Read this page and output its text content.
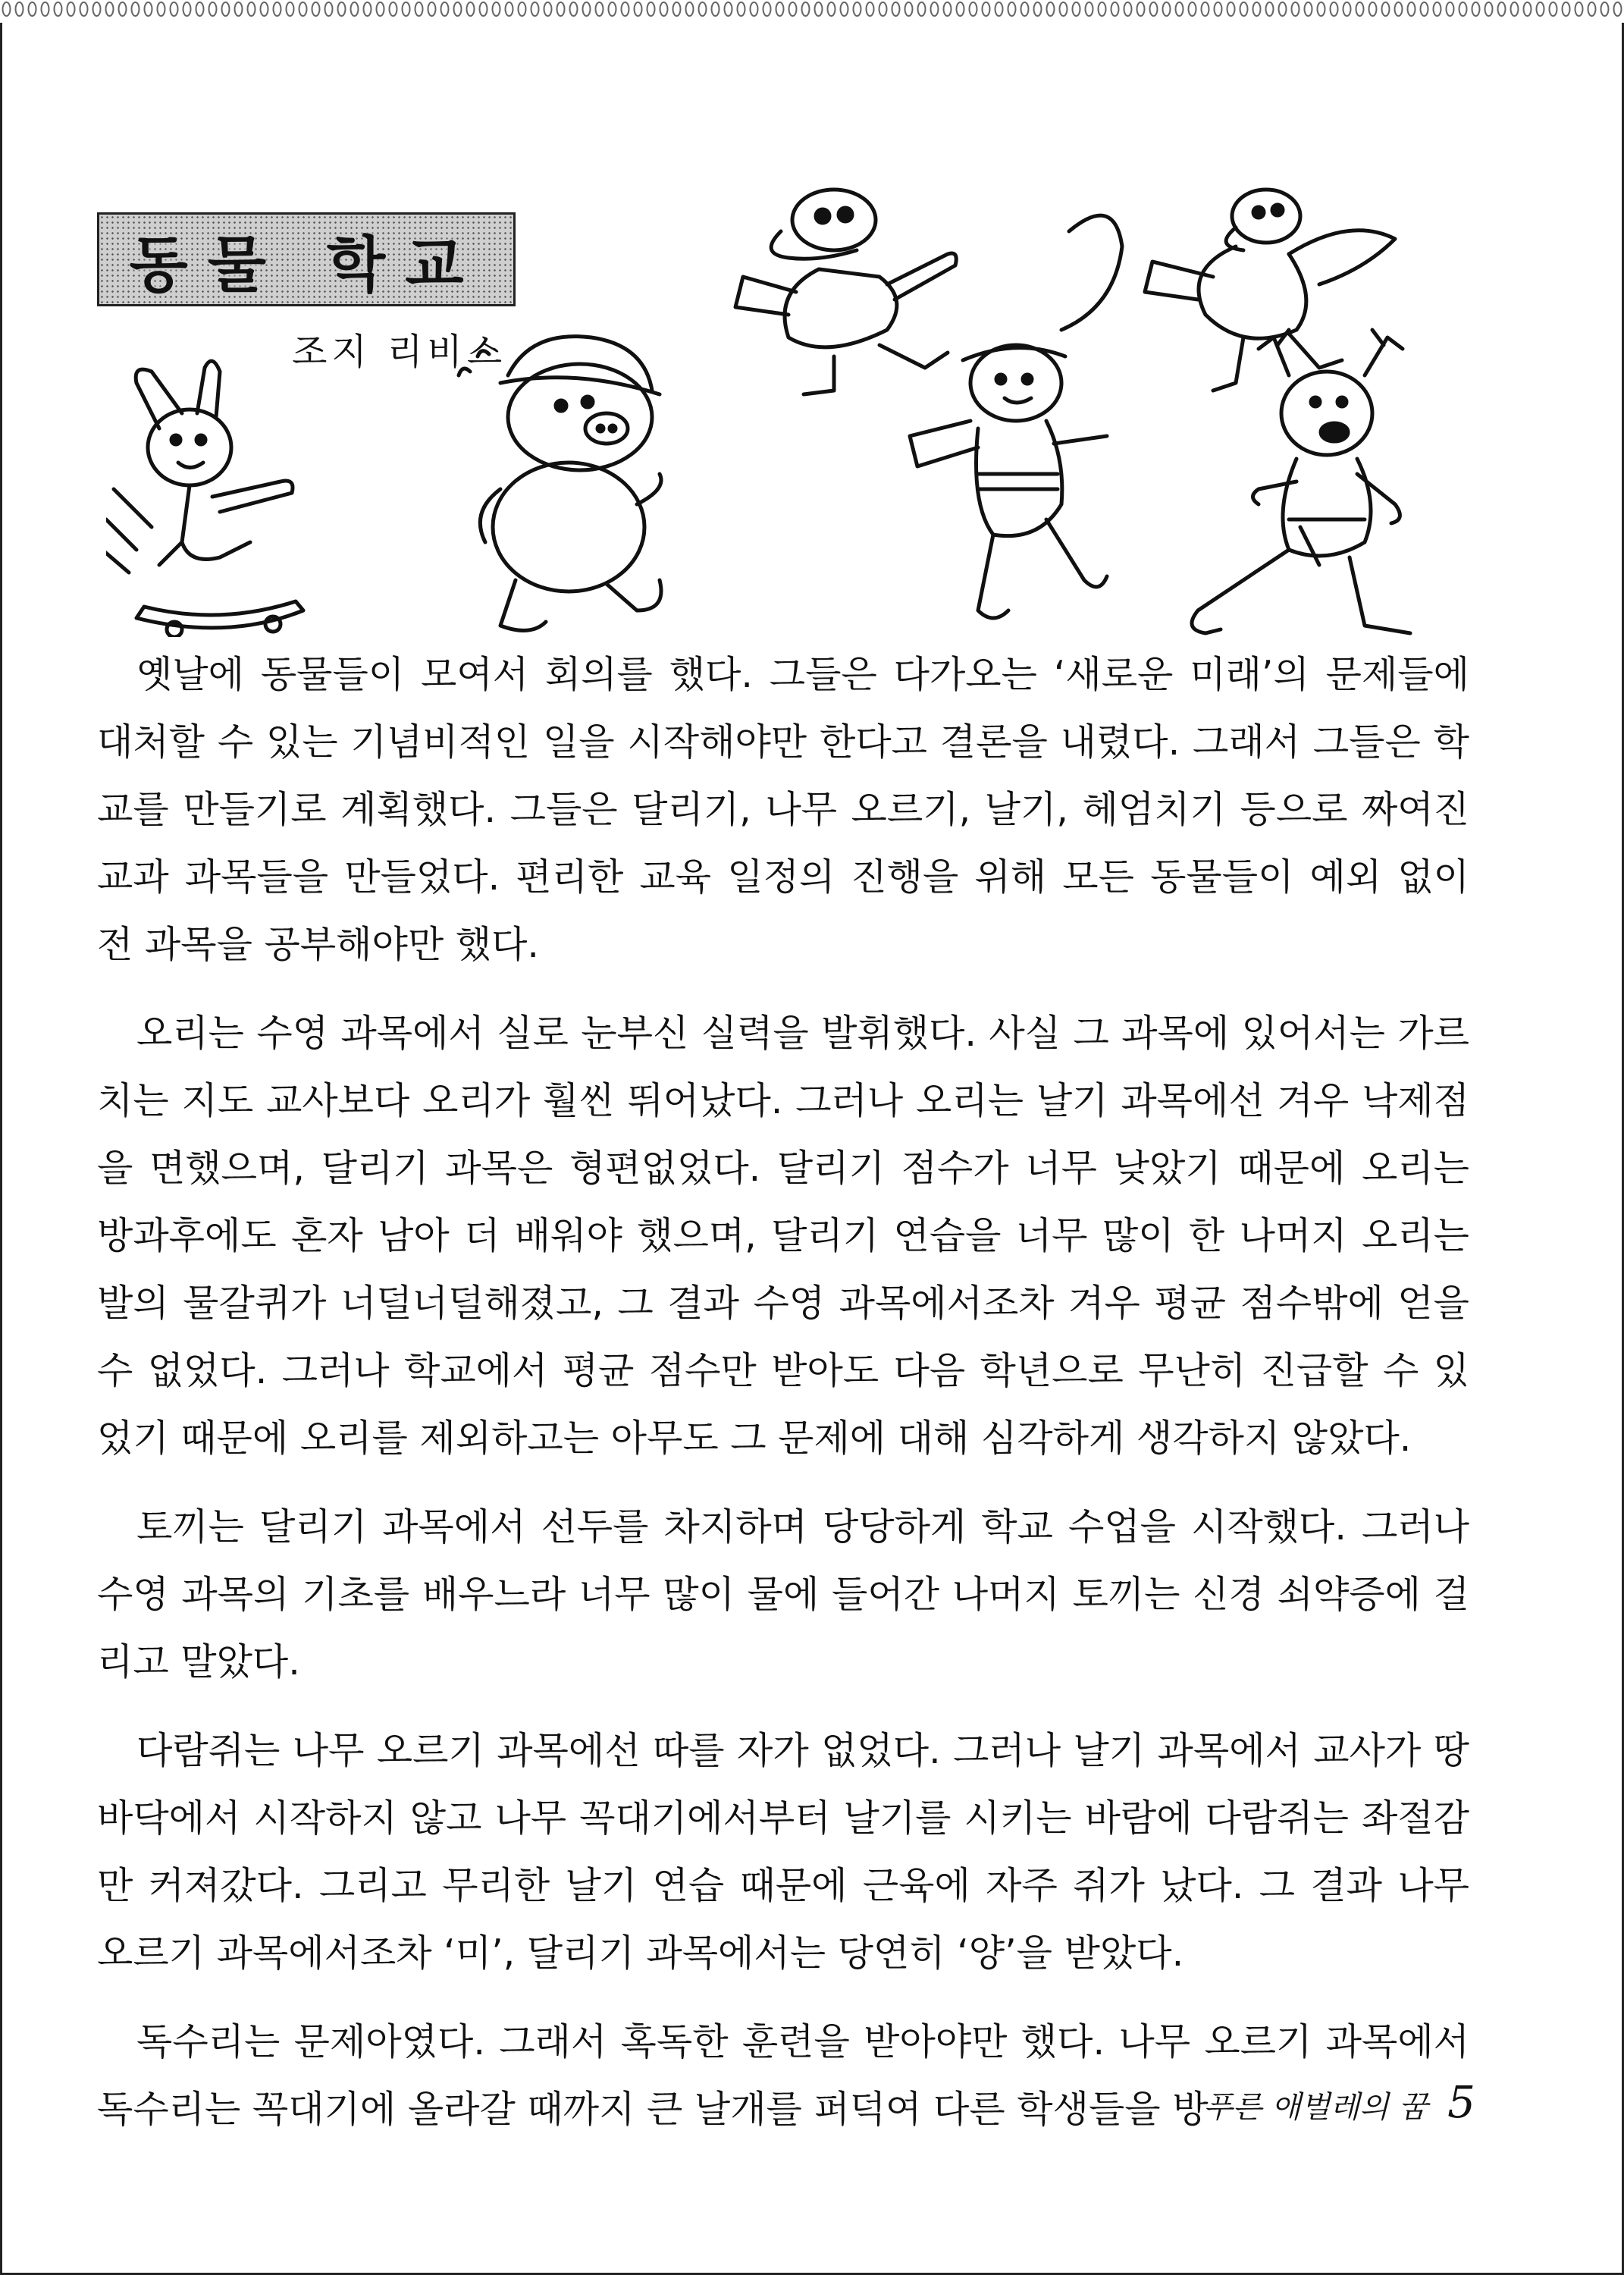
동물 학교
조지 리비스

옛날에 동물들이 모여서 회의를 했다. 그들은 다가오는 ‘새로운 미래’의 문제들에 대처할 수 있는 기념비적인 일을 시작해야만 한다고 결론을 내렸다. 그래서 그들은 학교를 만들기로 계획했다. 그들은 달리기, 나무 오르기, 날기, 헤엄치기 등으로 짜여진 교과 과목들을 만들었다. 편리한 교육 일정의 진행을 위해 모든 동물들이 예외 없이 전 과목을 공부해야만 했다.

오리는 수영 과목에서 실로 눈부신 실력을 발휘했다. 사실 그 과목에 있어서는 가르치는 지도 교사보다 오리가 훨씬 뛰어났다. 그러나 오리는 날기 과목에선 겨우 낙제점을 면했으며, 달리기 과목은 형편없었다. 달리기 점수가 너무 낮았기 때문에 오리는 방과후에도 혼자 남아 더 배워야 했으며, 달리기 연습을 너무 많이 한 나머지 오리는 발의 물갈퀴가 너덜너덜해졌고, 그 결과 수영 과목에서조차 겨우 평균 점수밖에 얻을 수 없었다. 그러나 학교에서 평균 점수만 받아도 다음 학년으로 무난히 진급할 수 있었기 때문에 오리를 제외하고는 아무도 그 문제에 대해 심각하게 생각하지 않았다.

토끼는 달리기 과목에서 선두를 차지하며 당당하게 학교 수업을 시작했다. 그러나 수영 과목의 기초를 배우느라 너무 많이 물에 들어간 나머지 토끼는 신경 쇠약증에 걸리고 말았다.

다람쥐는 나무 오르기 과목에선 따를 자가 없었다. 그러나 날기 과목에서 교사가 땅바닥에서 시작하지 않고 나무 꼭대기에서부터 날기를 시키는 바람에 다람쥐는 좌절감만 커져갔다. 그리고 무리한 날기 연습 때문에 근육에 자주 쥐가 났다. 그 결과 나무 오르기 과목에서조차 ‘미’, 달리기 과목에서는 당연히 ‘양’을 받았다.

독수리는 문제아였다. 그래서 혹독한 훈련을 받아야만 했다. 나무 오르기 과목에서 독수리는 꼭대기에 올라갈 때까지 큰 날개를 퍼덕여 다른 학생들을 방

푸른 애벌레의 꿈 5
